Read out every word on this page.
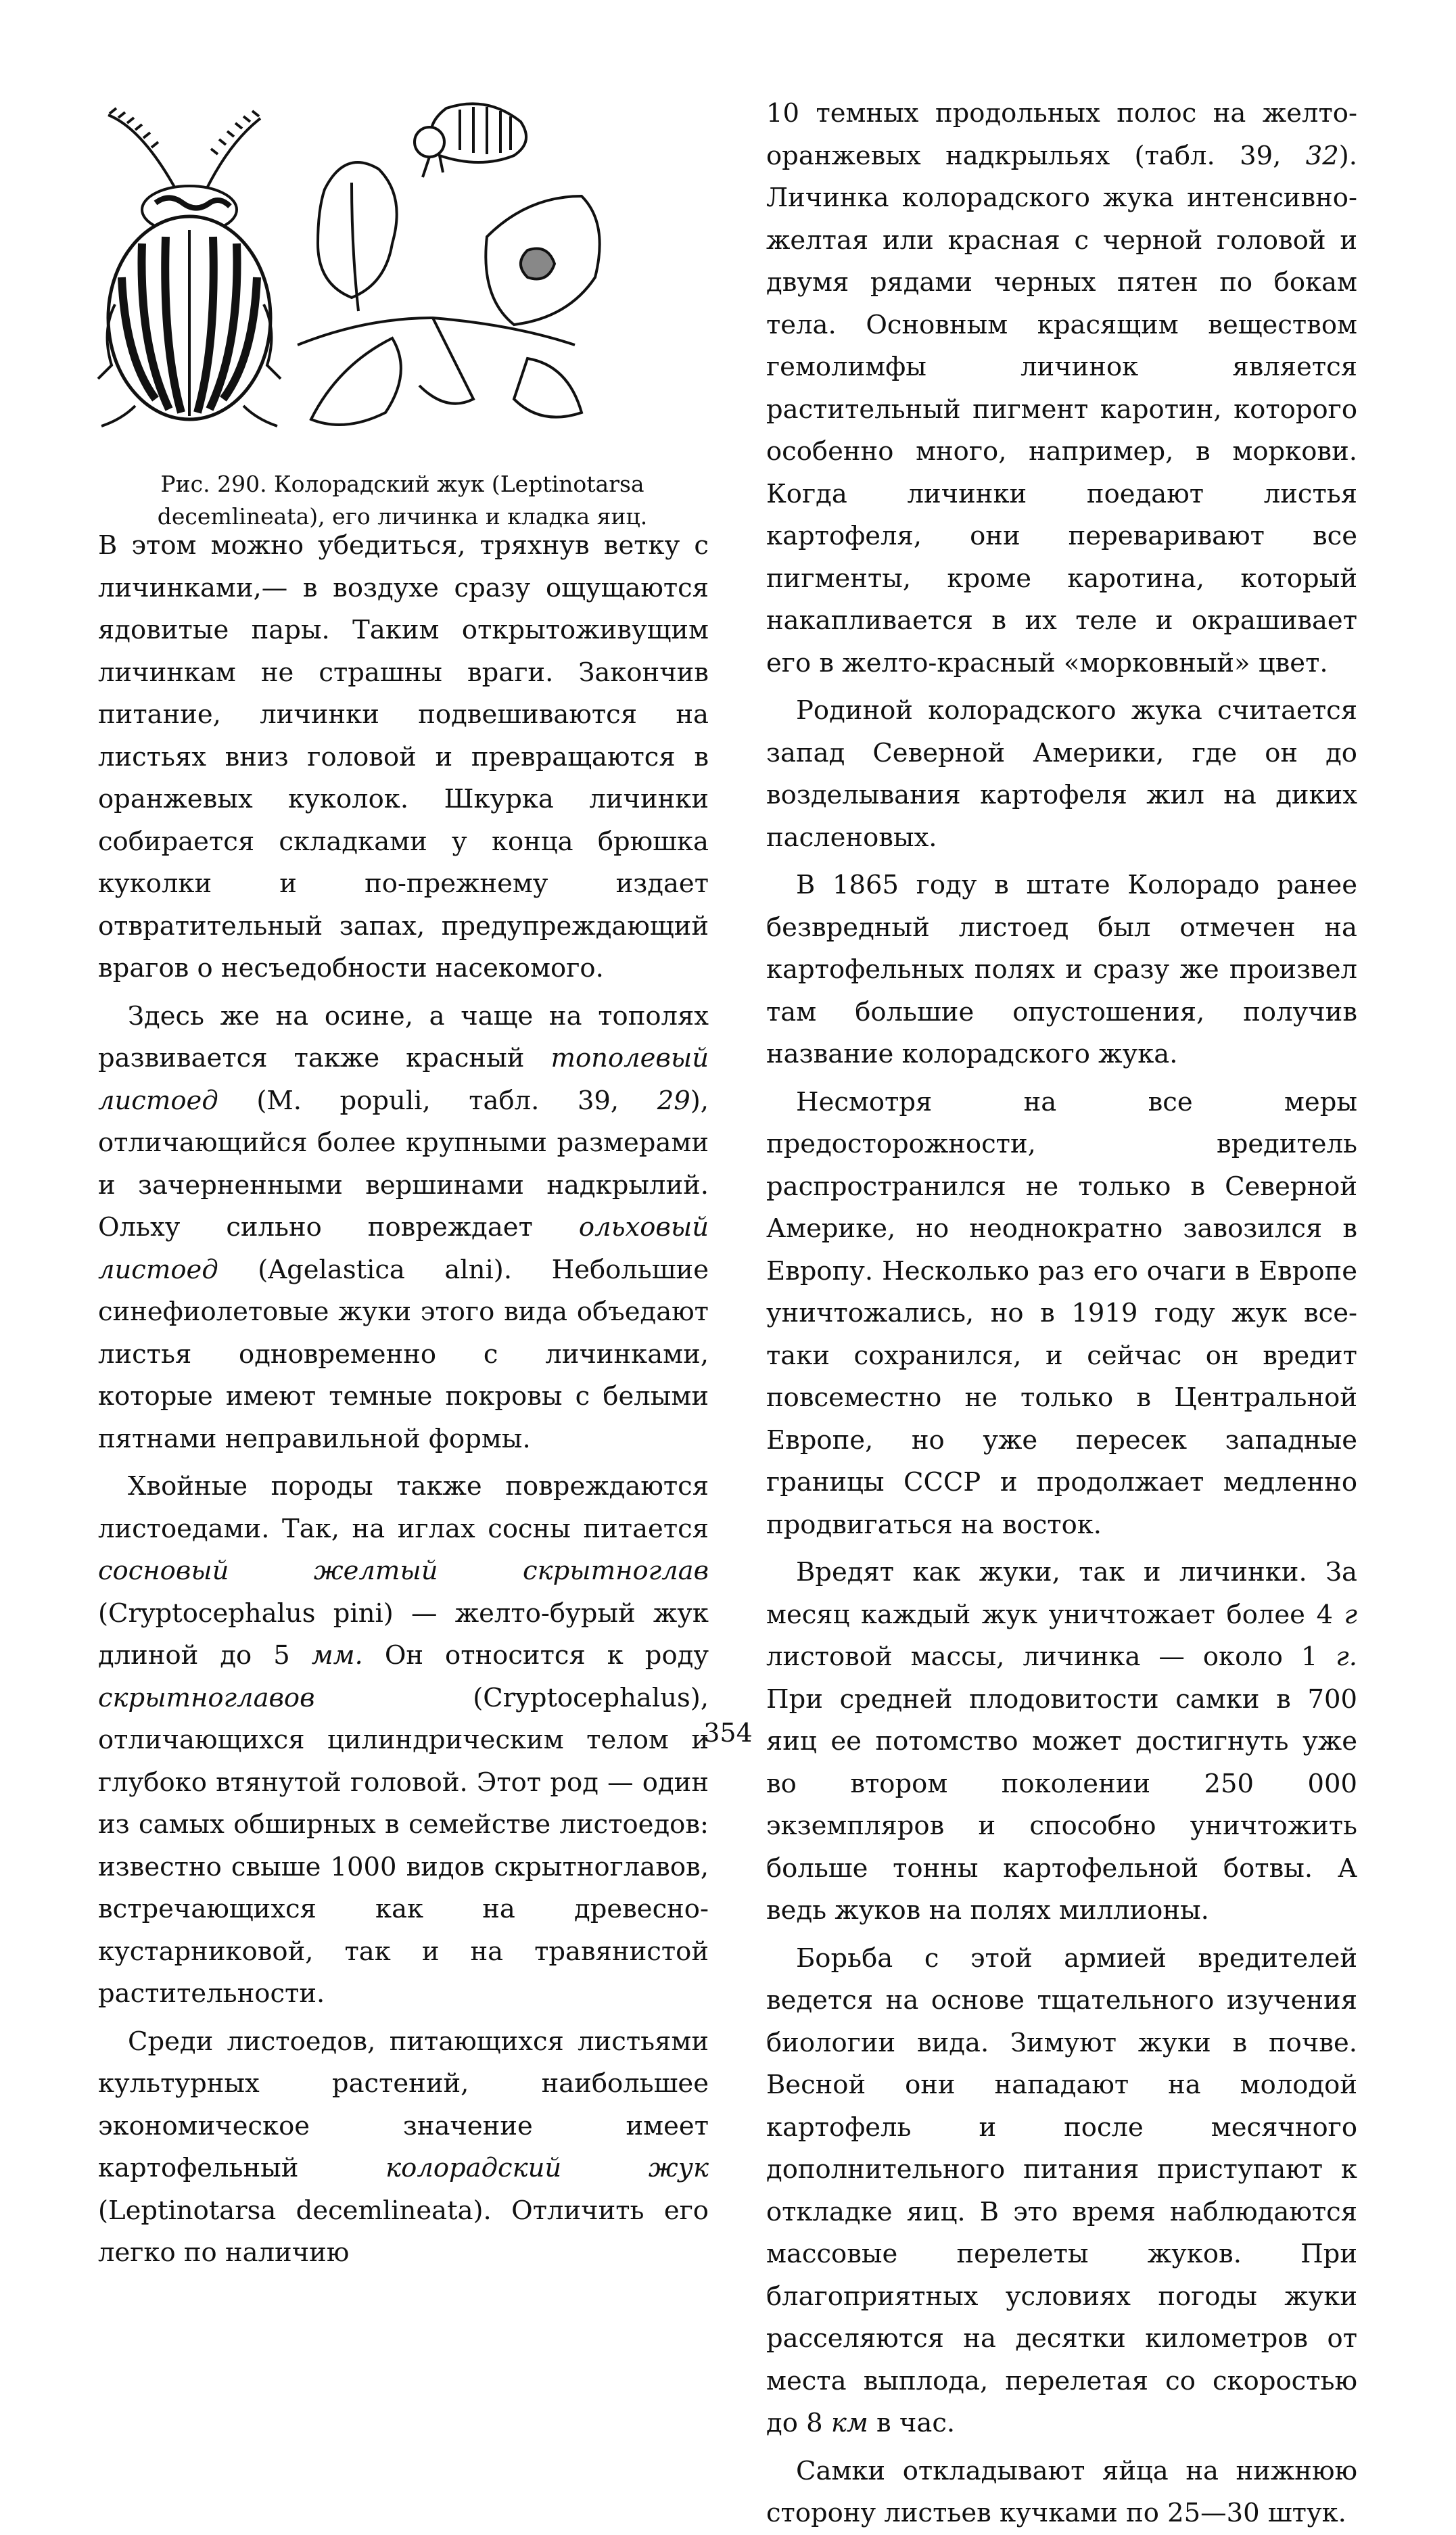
Рис. 290. Колорадский жук (Leptinotarsa decemlineata), его личинка и кладка яиц.

В этом можно убедиться, тряхнув ветку с личинками,— в воздухе сразу ощущаются ядовитые пары. Таким открытоживущим личинкам не страшны враги. Закончив питание, личинки подвешиваются на листьях вниз головой и превращаются в оранжевых куколок. Шкурка личинки собирается складками у конца брюшка куколки и по-прежнему издает отвратительный запах, предупреждающий врагов о несъедобности насекомого.

Здесь же на осине, а чаще на тополях развивается также красный тополевый листоед (M. populi, табл. 39, 29), отличающийся более крупными размерами и зачерненными вершинами надкрылий. Ольху сильно повреждает ольховый листоед (Agelastica alni). Небольшие синефиолетовые жуки этого вида объедают листья одновременно с личинками, которые имеют темные покровы с белыми пятнами неправильной формы.

Хвойные породы также повреждаются листоедами. Так, на иглах сосны питается сосновый желтый скрытноглав (Cryptocephalus pini) — желто-бурый жук длиной до 5 мм. Он относится к роду скрытноглавов (Cryptocephalus), отличающихся цилиндрическим телом и глубоко втянутой головой. Этот род — один из самых обширных в семействе листоедов: известно свыше 1000 видов скрытноглавов, встречающихся как на древесно-кустарниковой, так и на травянистой растительности.

Среди листоедов, питающихся листьями культурных растений, наибольшее экономическое значение имеет картофельный колорадский жук (Leptinotarsa decemlineata). Отличить его легко по наличию

10 темных продольных полос на желто-оранжевых надкрыльях (табл. 39, 32). Личинка колорадского жука интенсивно-желтая или красная с черной головой и двумя рядами черных пятен по бокам тела. Основным красящим веществом гемолимфы личинок является растительный пигмент каротин, которого особенно много, например, в моркови. Когда личинки поедают листья картофеля, они переваривают все пигменты, кроме каротина, который накапливается в их теле и окрашивает его в желто-красный «морковный» цвет.

Родиной колорадского жука считается запад Северной Америки, где он до возделывания картофеля жил на диких пасленовых.

В 1865 году в штате Колорадо ранее безвредный листоед был отмечен на картофельных полях и сразу же произвел там большие опустошения, получив название колорадского жука.

Несмотря на все меры предосторожности, вредитель распространился не только в Северной Америке, но неоднократно завозился в Европу. Несколько раз его очаги в Европе уничтожались, но в 1919 году жук все-таки сохранился, и сейчас он вредит повсеместно не только в Центральной Европе, но уже пересек западные границы СССР и продолжает медленно продвигаться на восток.

Вредят как жуки, так и личинки. За месяц каждый жук уничтожает более 4 г листовой массы, личинка — около 1 г. При средней плодовитости самки в 700 яиц ее потомство может достигнуть уже во втором поколении 250 000 экземпляров и способно уничтожить больше тонны картофельной ботвы. А ведь жуков на полях миллионы.

Борьба с этой армией вредителей ведется на основе тщательного изучения биологии вида. Зимуют жуки в почве. Весной они нападают на молодой картофель и после месячного дополнительного питания приступают к откладке яиц. В это время наблюдаются массовые перелеты жуков. При благоприятных условиях погоды жуки расселяются на десятки километров от места выплода, перелетая со скоростью до 8 км в час.

Самки откладывают яйца на нижнюю сторону листьев кучками по 25—30 штук.

354
